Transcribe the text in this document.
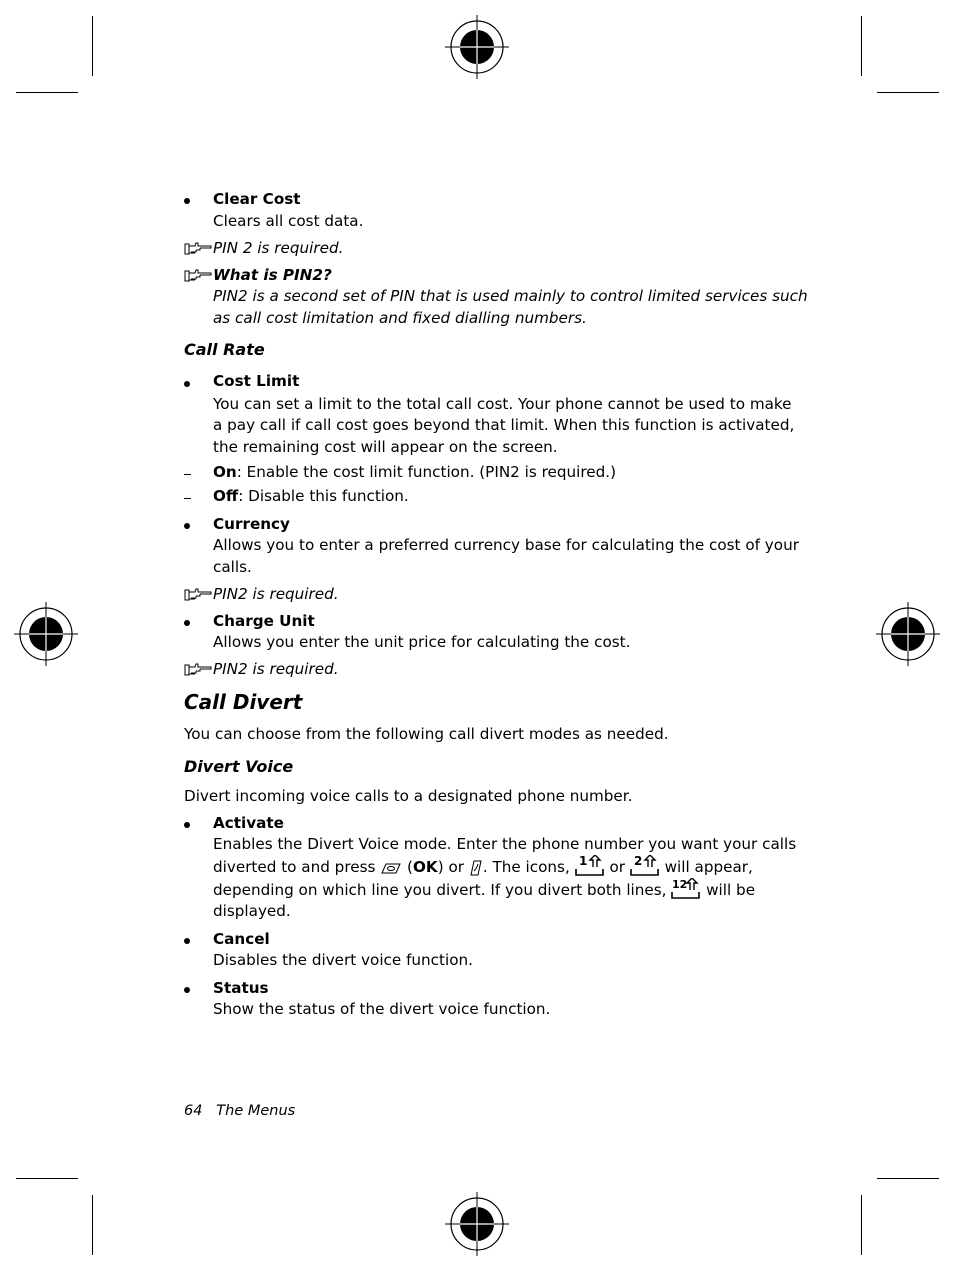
Clear Cost
Clears all cost data.
PIN 2 is required.
What is PIN2?
PIN2 is a second set of PIN that is used mainly to control limited services such
as call cost limitation and fixed dialling numbers.
Call Rate
Cost Limit
You can set a limit to the total call cost. Your phone cannot be used to make
a pay call if call cost goes beyond that limit. When this function is activated,
the remaining cost will appear on the screen.
On: Enable the cost limit function. (PIN2 is required.)
Off: Disable this function.
Currency
Allows you to enter a preferred currency base for calculating the cost of your
calls.
PIN2 is required.
Charge Unit
Allows you enter the unit price for calculating the cost.
PIN2 is required.
Call Divert
You can choose from the following call divert modes as needed.
Divert Voice
Divert incoming voice calls to a designated phone number.
Activate
Enables the Divert Voice mode. Enter the phone number you want your calls
diverted to and press  (OK) or . The icons, 1 or 2 will appear,
depending on which line you divert. If you divert both lines, 12 will be
displayed.
Cancel
Disables the divert voice function.
Status
Show the status of the divert voice function.
64 The Menus
